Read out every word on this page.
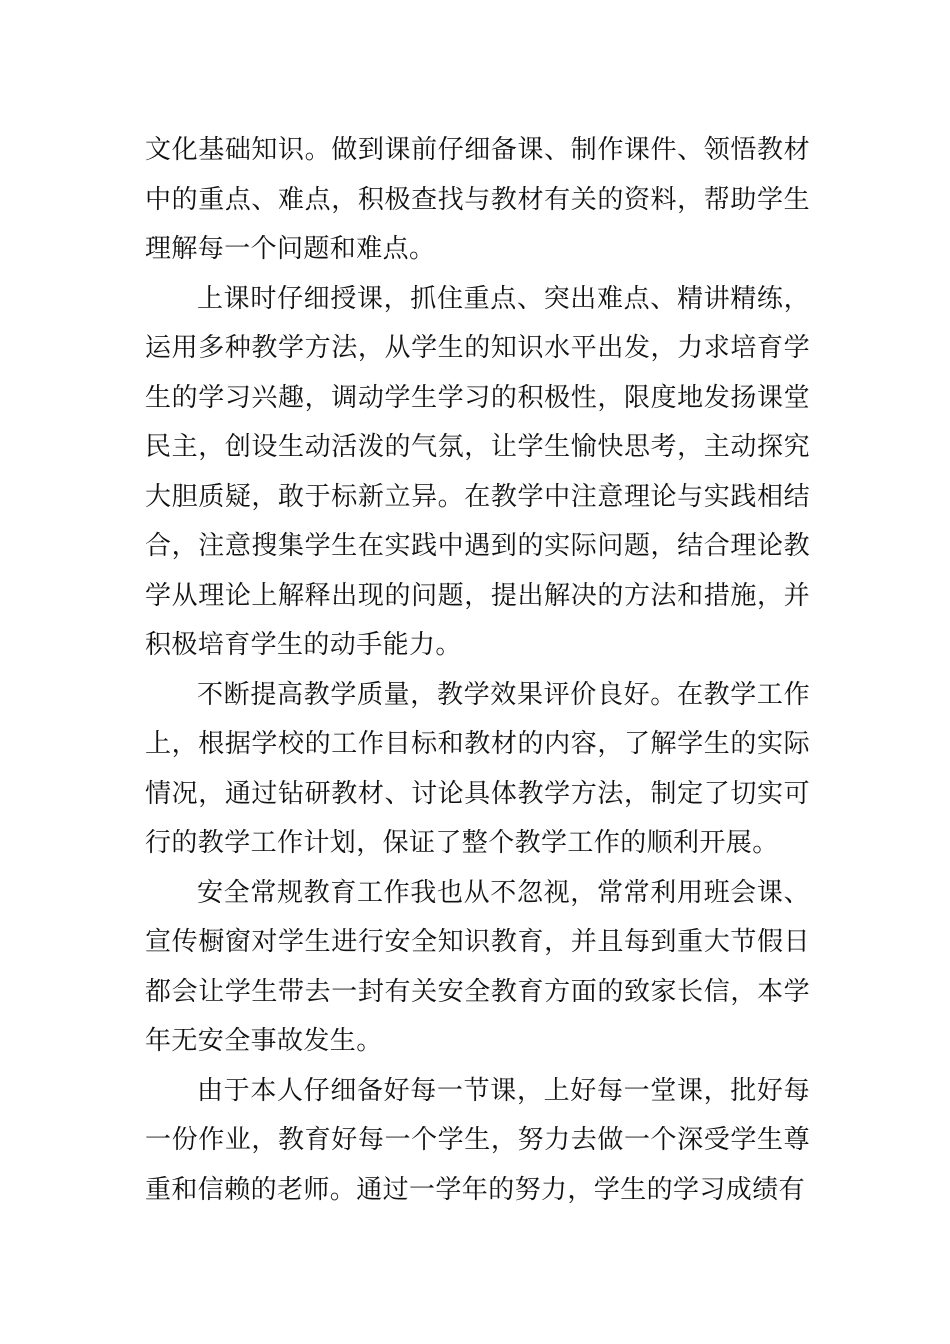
文化基础知识。做到课前仔细备课、制作课件、领悟教材中的重点、难点，积极查找与教材有关的资料，帮助学生理解每一个问题和难点。

上课时仔细授课，抓住重点、突出难点、精讲精练，运用多种教学方法，从学生的知识水平出发，力求培育学生的学习兴趣，调动学生学习的积极性，限度地发扬课堂民主，创设生动活泼的气氛，让学生愉快思考，主动探究大胆质疑，敢于标新立异。在教学中注意理论与实践相结合，注意搜集学生在实践中遇到的实际问题，结合理论教学从理论上解释出现的问题，提出解决的方法和措施，并积极培育学生的动手能力。

不断提高教学质量，教学效果评价良好。在教学工作上，根据学校的工作目标和教材的内容，了解学生的实际情况，通过钻研教材、讨论具体教学方法，制定了切实可行的教学工作计划，保证了整个教学工作的顺利开展。

安全常规教育工作我也从不忽视，常常利用班会课、宣传橱窗对学生进行安全知识教育，并且每到重大节假日都会让学生带去一封有关安全教育方面的致家长信，本学年无安全事故发生。

由于本人仔细备好每一节课，上好每一堂课，批好每一份作业，教育好每一个学生，努力去做一个深受学生尊重和信赖的老师。通过一学年的努力，学生的学习成绩有
